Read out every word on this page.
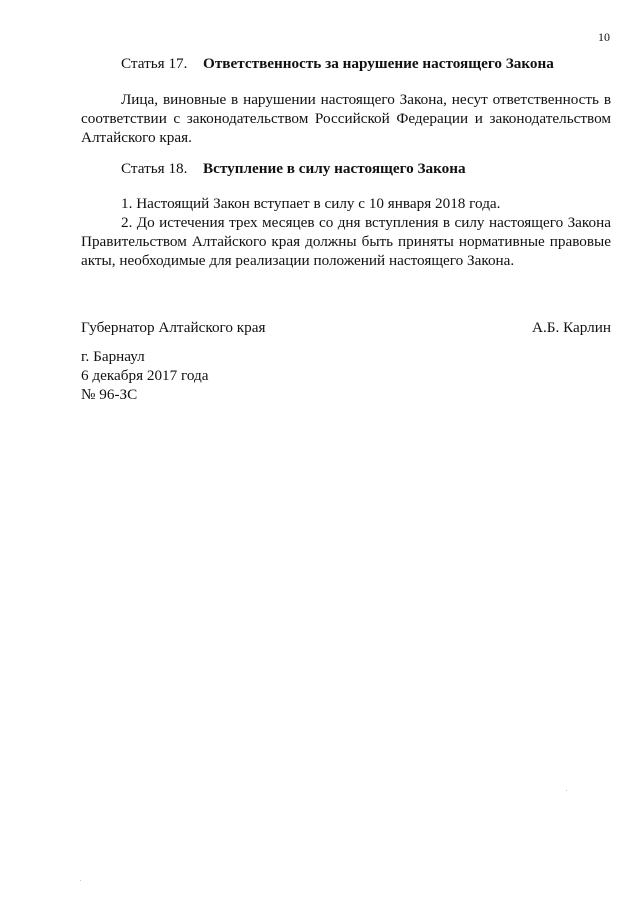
10
Статья 17. Ответственность за нарушение настоящего Закона

Лица, виновные в нарушении настоящего Закона, несут ответственность в соответствии с законодательством Российской Федерации и законодательством Алтайского края.

Статья 18. Вступление в силу настоящего Закона

1. Настоящий Закон вступает в силу с 10 января 2018 года.

2. До истечения трех месяцев со дня вступления в силу настоящего Закона Правительством Алтайского края должны быть приняты нормативные правовые акты, необходимые для реализации положений настоящего Закона.

Губернатор Алтайского края	А.Б. Карлин
г. Барнаул
6 декабря 2017 года
№ 96-ЗС
